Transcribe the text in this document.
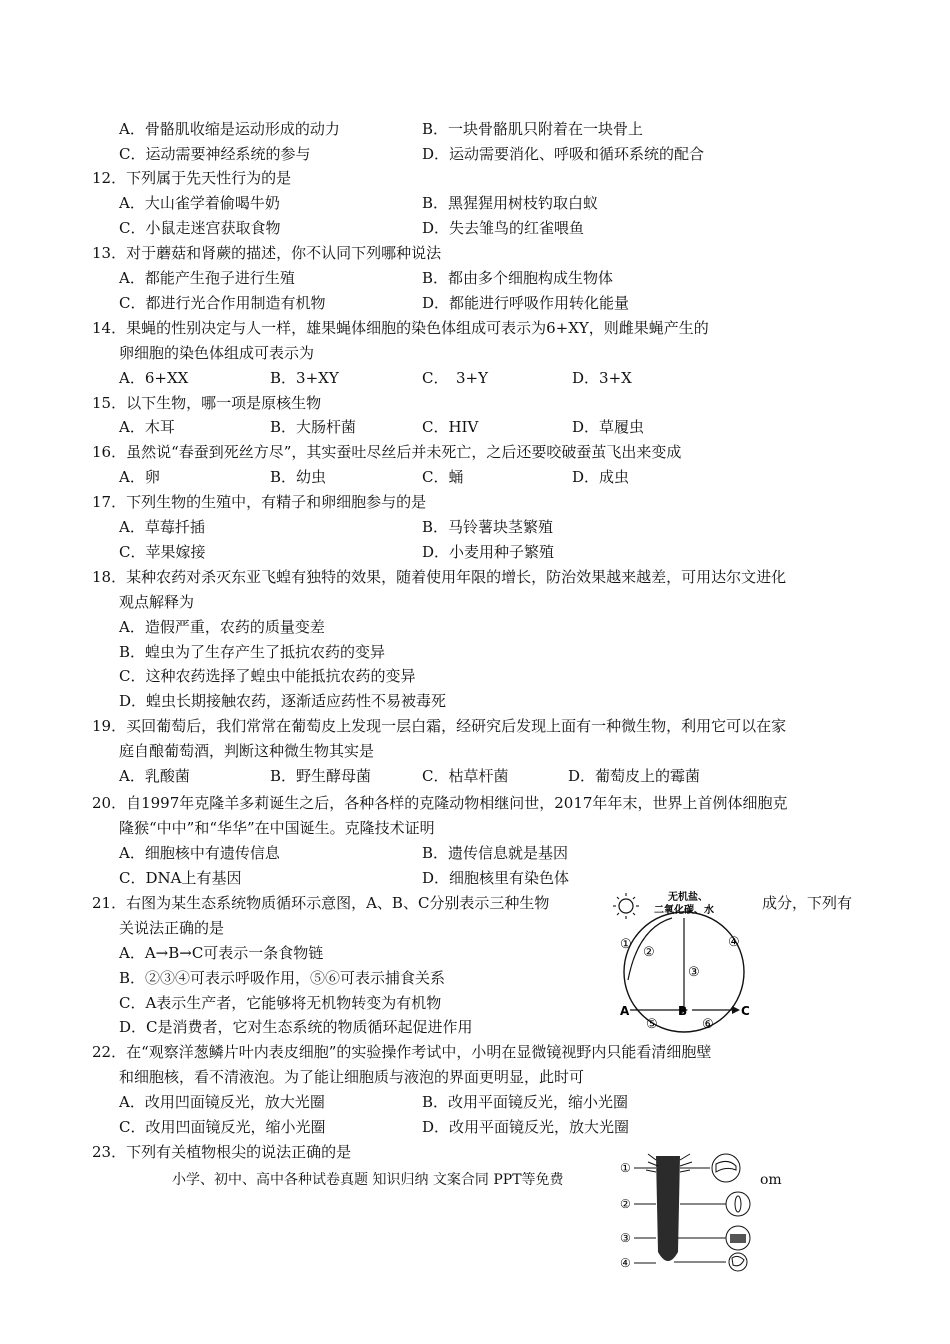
A．骨骼肌收缩是运动形成的动力	B．一块骨骼肌只附着在一块骨上
C．运动需要神经系统的参与	D．运动需要消化、呼吸和循环系统的配合
12．下列属于先天性行为的是
A．大山雀学着偷喝牛奶	B．黑猩猩用树枝钓取白蚁
C．小鼠走迷宫获取食物	D．失去雏鸟的红雀喂鱼
13．对于蘑菇和肾蕨的描述，你不认同下列哪种说法
A．都能产生孢子进行生殖	B．都由多个细胞构成生物体
C．都进行光合作用制造有机物	D．都能进行呼吸作用转化能量
14．果蝇的性别决定与人一样，雄果蝇体细胞的染色体组成可表示为6+XY，则雌果蝇产生的
卵细胞的染色体组成可表示为
A．6+XX	B．3+XY	C．　3+Y	D．3+X
15．以下生物，哪一项是原核生物
A．木耳	B．大肠杆菌	C．HIV	D．草履虫
16．虽然说“春蚕到死丝方尽”，其实蚕吐尽丝后并未死亡，之后还要咬破蚕茧飞出来变成
A．卵	B．幼虫	C．蛹	D．成虫
17．下列生物的生殖中，有精子和卵细胞参与的是
A．草莓扦插	B．马铃薯块茎繁殖
C．苹果嫁接	D．小麦用种子繁殖
18．某种农药对杀灭东亚飞蝗有独特的效果，随着使用年限的增长，防治效果越来越差，可用达尔文进化
观点解释为
A．造假严重，农药的质量变差
B．蝗虫为了生存产生了抵抗农药的变异
C．这种农药选择了蝗虫中能抵抗农药的变异
D．蝗虫长期接触农药，逐渐适应药性不易被毒死
19．买回葡萄后，我们常常在葡萄皮上发现一层白霜，经研究后发现上面有一种微生物，利用它可以在家
庭自酿葡萄酒，判断这种微生物其实是
A．乳酸菌	B．野生酵母菌	C．枯草杆菌	D．葡萄皮上的霉菌
20．自1997年克隆羊多莉诞生之后，各种各样的克隆动物相继问世，2017年年末，世界上首例体细胞克
隆猴“中中”和“华华”在中国诞生。克隆技术证明
A．细胞核中有遗传信息	B．遗传信息就是基因
C．DNA上有基因	D．细胞核里有染色体
21．右图为某生态系统物质循环示意图，A、B、C分别表示三种生物	成分，下列有
关说法正确的是
A．A→B→C可表示一条食物链
B．②③④可表示呼吸作用，⑤⑥可表示捕食关系
C．A表示生产者，它能够将无机物转变为有机物
D．C是消费者，它对生态系统的物质循环起促进作用
无机盐、
二氧化碳、水
A	B	C
①
②
③
④
⑤	⑥
22．在“观察洋葱鳞片叶内表皮细胞”的实验操作考试中，小明在显微镜视野内只能看清细胞壁
和细胞核，看不清液泡。为了能让细胞质与液泡的界面更明显，此时可
A．改用凹面镜反光，放大光圈	B．改用平面镜反光，缩小光圈
C．改用凹面镜反光，缩小光圈	D．改用平面镜反光，放大光圈
23．下列有关植物根尖的说法正确的是
小学、初中、高中各种试卷真题 知识归纳 文案合同 PPT等免费	om
①
②
③
④
